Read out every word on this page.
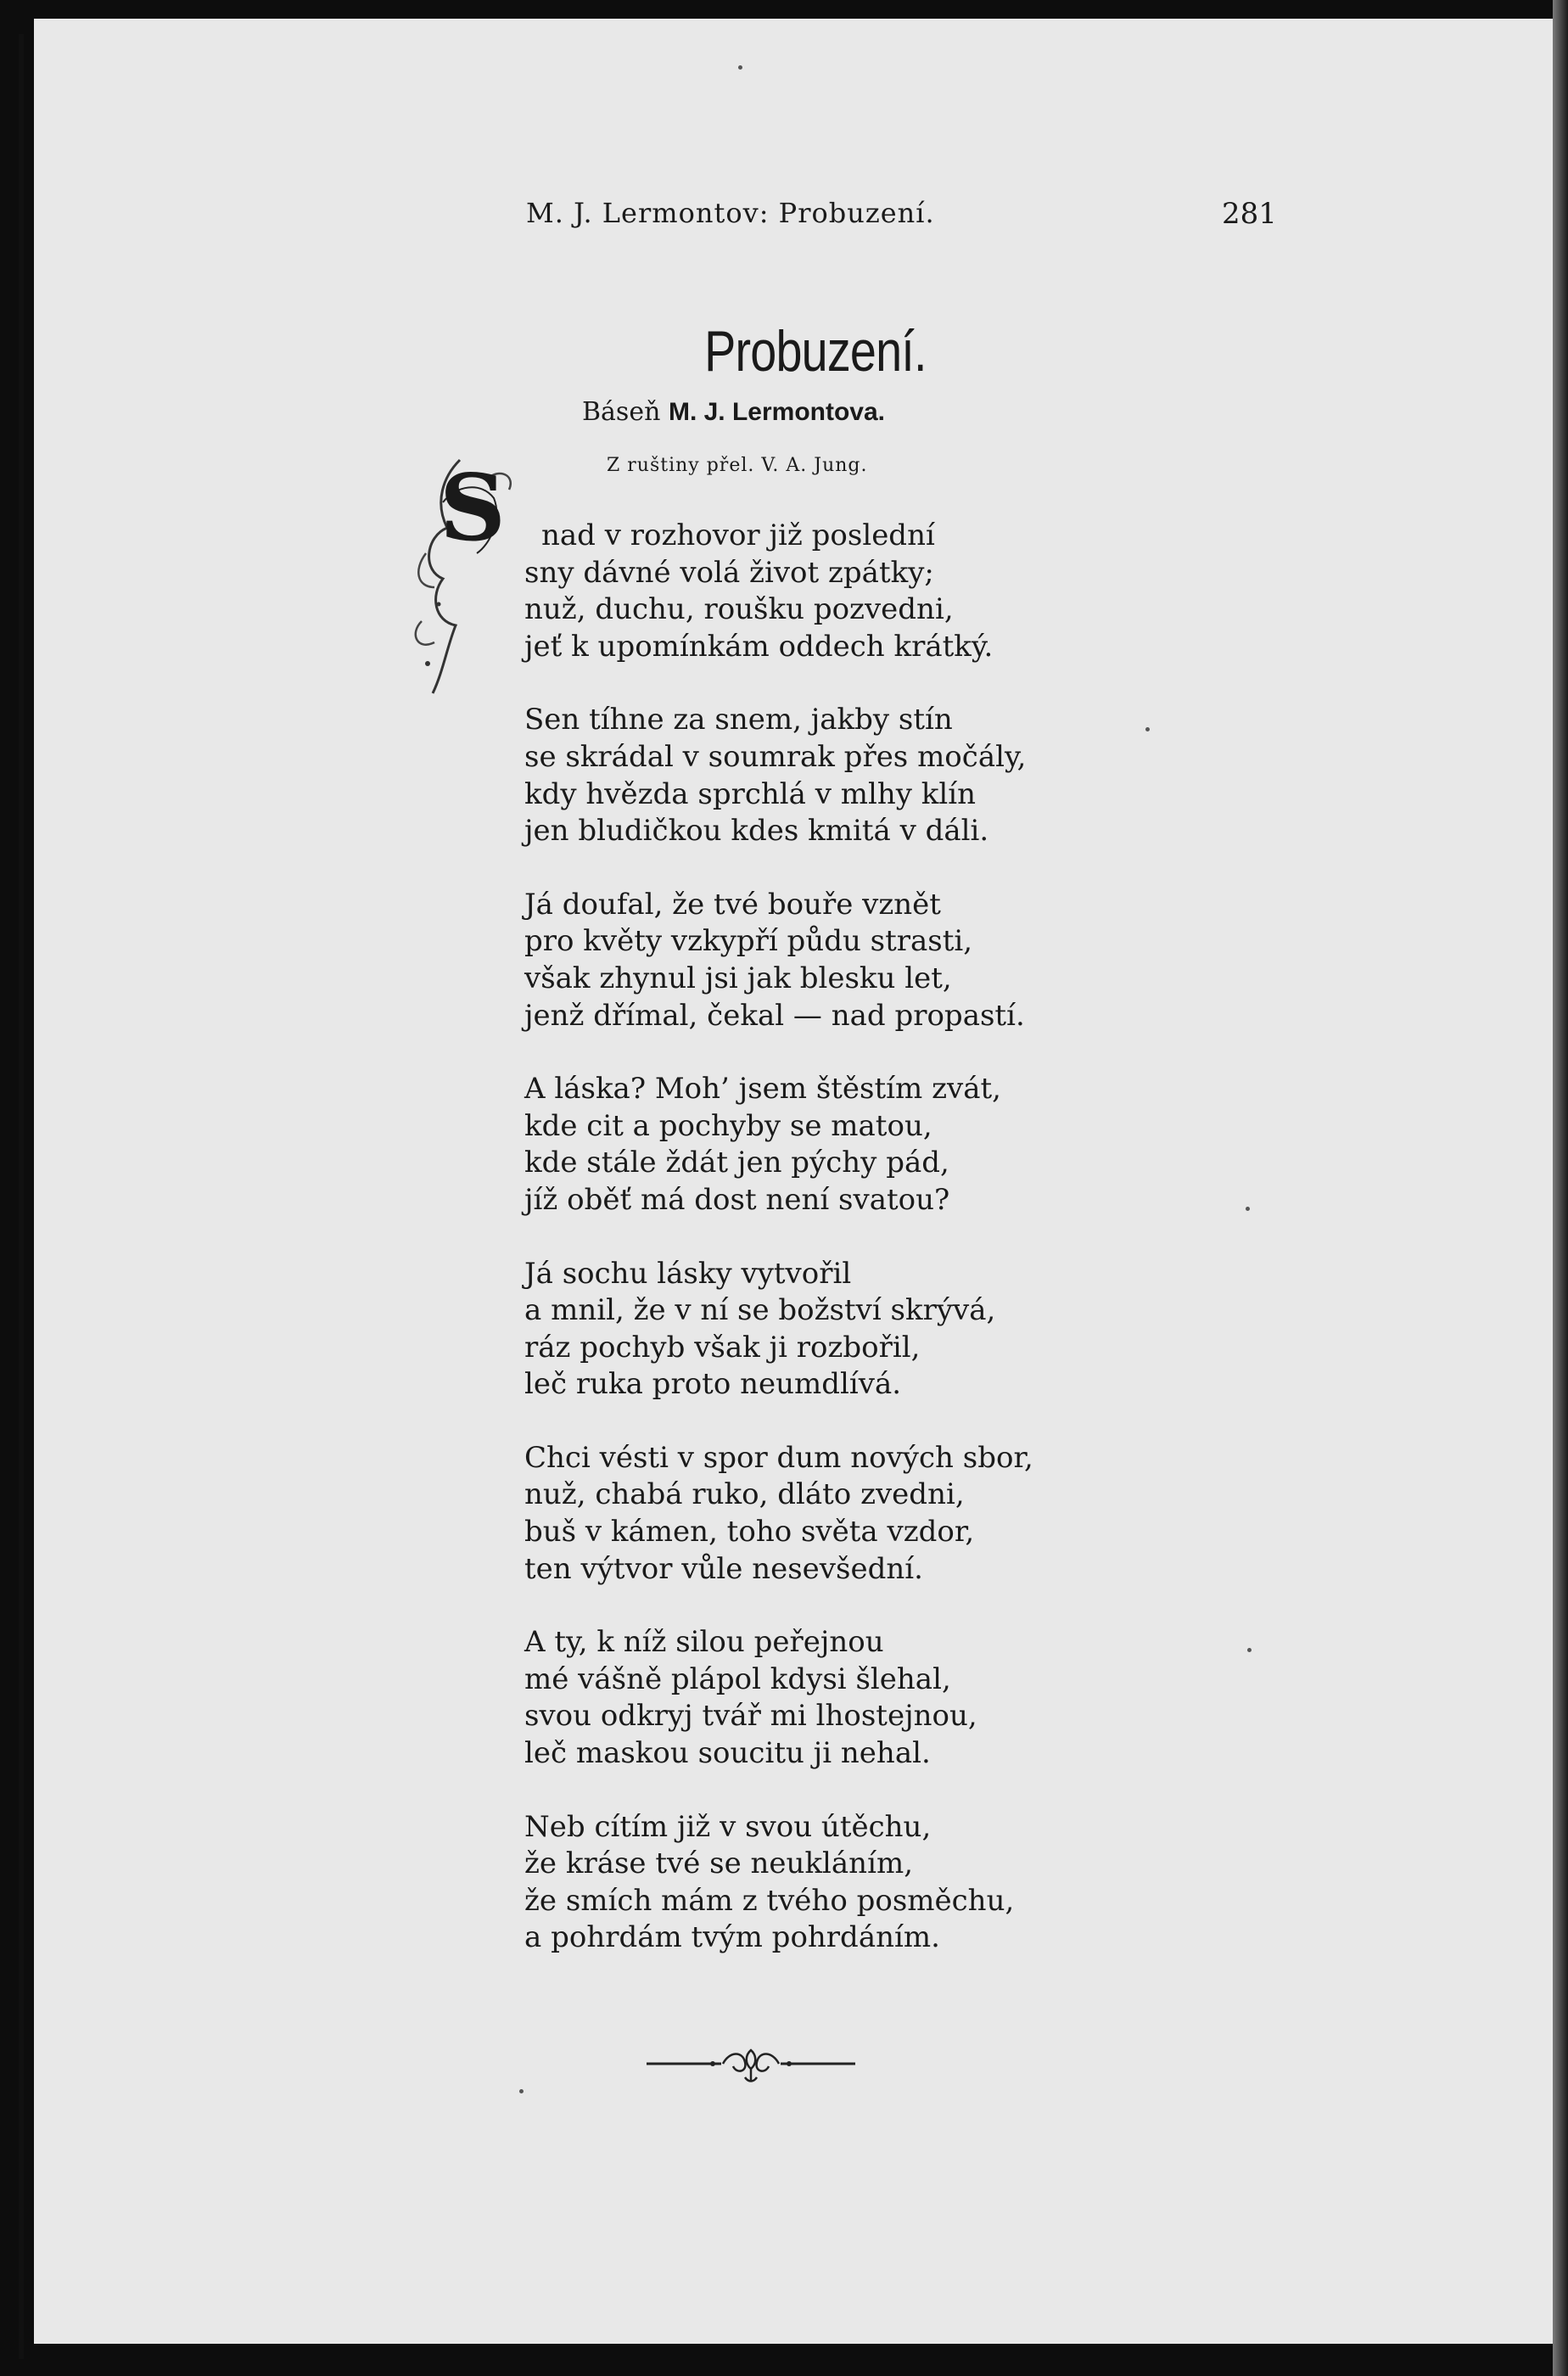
M. J. Lermontov: Probuzení.	281
Probuzení.
Báseň M. J. Lermontova.
Z ruštiny přel. V. A. Jung.
S	nad v rozhovor již poslední
sny dávné volá život zpátky;
nuž, duchu, roušku pozvedni,
jeť k upomínkám oddech krátký.
Sen tíhne za snem, jakby stín
se skrádal v soumrak přes močály,
kdy hvězda sprchlá v mlhy klín
jen bludičkou kdes kmitá v dáli.
Já doufal, že tvé bouře vznět
pro květy vzkypří půdu strasti,
však zhynul jsi jak blesku let,
jenž dřímal, čekal — nad propastí.
A láska? Moh’ jsem štěstím zvát,
kde cit a pochyby se matou,
kde stále ždát jen pýchy pád,
jíž oběť má dost není svatou?
Já sochu lásky vytvořil
a mnil, že v ní se božství skrývá,
ráz pochyb však ji rozbořil,
leč ruka proto neumdlívá.
Chci vésti v spor dum nových sbor,
nuž, chabá ruko, dláto zvedni,
buš v kámen, toho světa vzdor,
ten výtvor vůle nesevšední.
A ty, k níž silou peřejnou
mé vášně plápol kdysi šlehal,
svou odkryj tvář mi lhostejnou,
leč maskou soucitu ji nehal.
Neb cítím již v svou útěchu,
že kráse tvé se neukláním,
že smích mám z tvého posměchu,
a pohrdám tvým pohrdáním.
